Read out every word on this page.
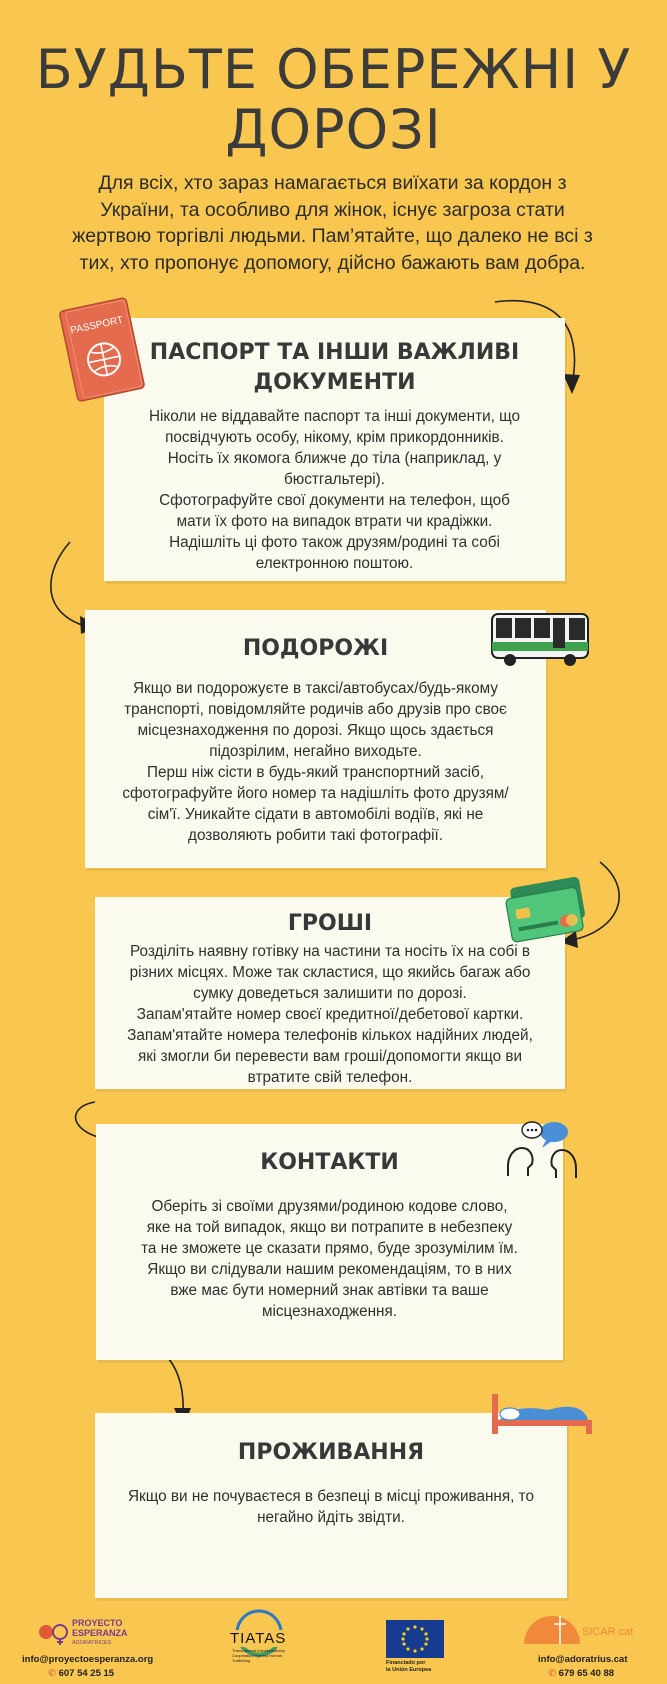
БУДЬТЕ ОБЕРЕЖНІ У
ДОРОЗІ
Для всіх, хто зараз намагається виїхати за кордон з України, та особливо для жінок, існує загроза стати жертвою торгівлі людьми. Пам’ятайте, що далеко не всі з тих, хто пропонує допомогу, дійсно бажають вам добра.
ПАСПОРТ ТА ІНШИ ВАЖЛИВІ
ДОКУМЕНТИ

Ніколи не віддавайте паспорт та інші документи, що
посвідчують особу, нікому, крім прикордонників.
Носіть їх якомога ближче до тіла (наприклад, у
бюстгальтері).
Сфотографуйте свої документи на телефон, щоб
мати їх фото на випадок втрати чи крадіжки.
Надішліть ці фото також друзям/родині та собі
електронною поштою.

PASSPORT
ПОДОРОЖІ

Якщо ви подорожуєте в таксі/автобусах/будь-якому
транспорті, повідомляйте родичів або друзів про своє
місцезнаходження по дорозі. Якщо щось здається
підозрілим, негайно виходьте.
Перш ніж сісти в будь-який транспортний засіб,
сфотографуйте його номер та надішліть фото друзям/
сім'ї. Уникайте сідати в автомобілі водіїв, які не
дозволяють робити такі фотографії.

ГРОШІ

Розділіть наявну готівку на частини та носіть їх на собі в
різних місцях. Може так скластися, що якийсь багаж або
сумку доведеться залишити по дорозі.
Запам'ятайте номер своєї кредитної/дебетової картки.
Запам'ятайте номера телефонів кількох надійних людей,
які змогли би перевести вам гроші/допомогти якщо ви
втратите свій телефон.

КОНТАКТИ

Оберіть зі своїми друзями/родиною кодове слово,
яке на той випадок, якщо ви потрапите в небезпеку
та не зможете це сказати прямо, буде зрозумілим їм.
Якщо ви слідували нашим рекомендаціям, то в них
вже має бути номерний знак автівки та ваше
місцезнаходження.

ПРОЖИВАННЯ

Якщо ви не почуваєтеся в безпеці в місці проживання, то
негайно йдіть звідти.

PROYECTO
ESPERANZA
ADORATRICES
info@proyectoesperanza.org
✆ 607 54 25 15
TIATAS
Transnational Interdisciplinary
Cooperation Against Human Trafficking	Financiado por
la Unión Europea
SICAR cat
info@adoratrius.cat
✆ 679 65 40 88
